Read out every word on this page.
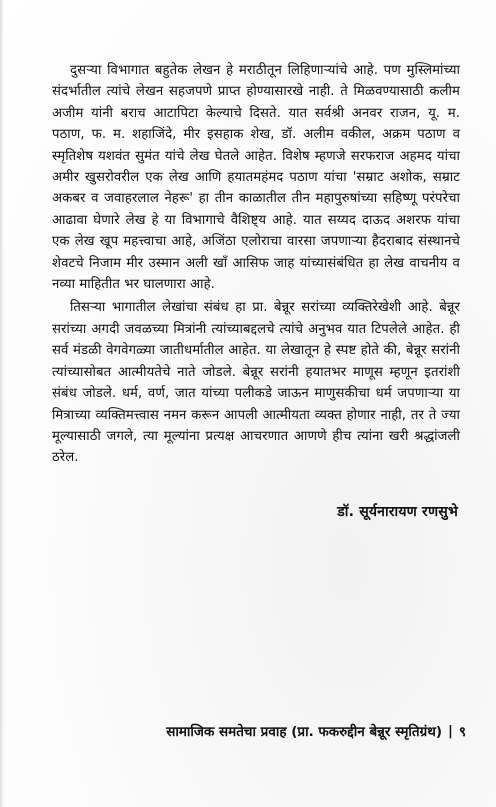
दुसऱ्या विभागात बहुतेक लेखन हे मराठीतून लिहिणाऱ्यांचे आहे. पण मुस्लिमांच्या संदर्भातील त्यांचे लेखन सहजपणे प्राप्त होण्यासारखे नाही. ते मिळवण्यासाठी कलीम अजीम यांनी बराच आटापिटा केल्याचे दिसते. यात सर्वश्री अनवर राजन, यू. म. पठाण, फ. म. शहाजिंदे, मीर इसहाक शेख, डॉ. अलीम वकील, अक्रम पठाण व स्मृतिशेष यशवंत सुमंत यांचे लेख घेतले आहेत. विशेष म्हणजे सरफराज अहमद यांचा अमीर खुसरोवरील एक लेख आणि हयातमहंमद पठाण यांचा 'सम्राट अशोक, सम्राट अकबर व जवाहरलाल नेहरू' हा तीन काळातील तीन महापुरुषांच्या सहिष्णू परंपरेचा आढावा घेणारे लेख हे या विभागाचे वैशिष्ट्य आहे. यात सय्यद दाऊद अशरफ यांचा एक लेख खूप महत्त्वाचा आहे, अजिंठा एलोराचा वारसा जपणाऱ्या हैदराबाद संस्थानचे शेवटचे निजाम मीर उस्मान अली खाँ आसिफ जाह यांच्यासंबंधित हा लेख वाचनीय व नव्या माहितीत भर घालणारा आहे.

तिसऱ्या भागातील लेखांचा संबंध हा प्रा. बेन्नूर सरांच्या व्यक्तिरेखेशी आहे. बेन्नूर सरांच्या अगदी जवळच्या मित्रांनी त्यांच्याबद्दलचे त्यांचे अनुभव यात टिपलेले आहेत. ही सर्व मंडळी वेगवेगळ्या जातीधर्मातील आहेत. या लेखातून हे स्पष्ट होते की, बेन्नूर सरांनी त्यांच्यासोबत आत्मीयतेचे नाते जोडले. बेन्नूर सरांनी हयातभर माणूस म्हणून इतरांशी संबंध जोडले. धर्म, वर्ण, जात यांच्या पलीकडे जाऊन माणुसकीचा धर्म जपणाऱ्या या मित्राच्या व्यक्तिमत्त्वास नमन करून आपली आत्मीयता व्यक्त होणार नाही, तर ते ज्या मूल्यासाठी जगले, त्या मूल्यांना प्रत्यक्ष आचरणात आणणे हीच त्यांना खरी श्रद्धांजली ठरेल.

डॉ. सूर्यनारायण रणसुभे
सामाजिक समतेचा प्रवाह (प्रा. फकरुद्दीन बेन्नूर स्मृतिग्रंथ) | ९
